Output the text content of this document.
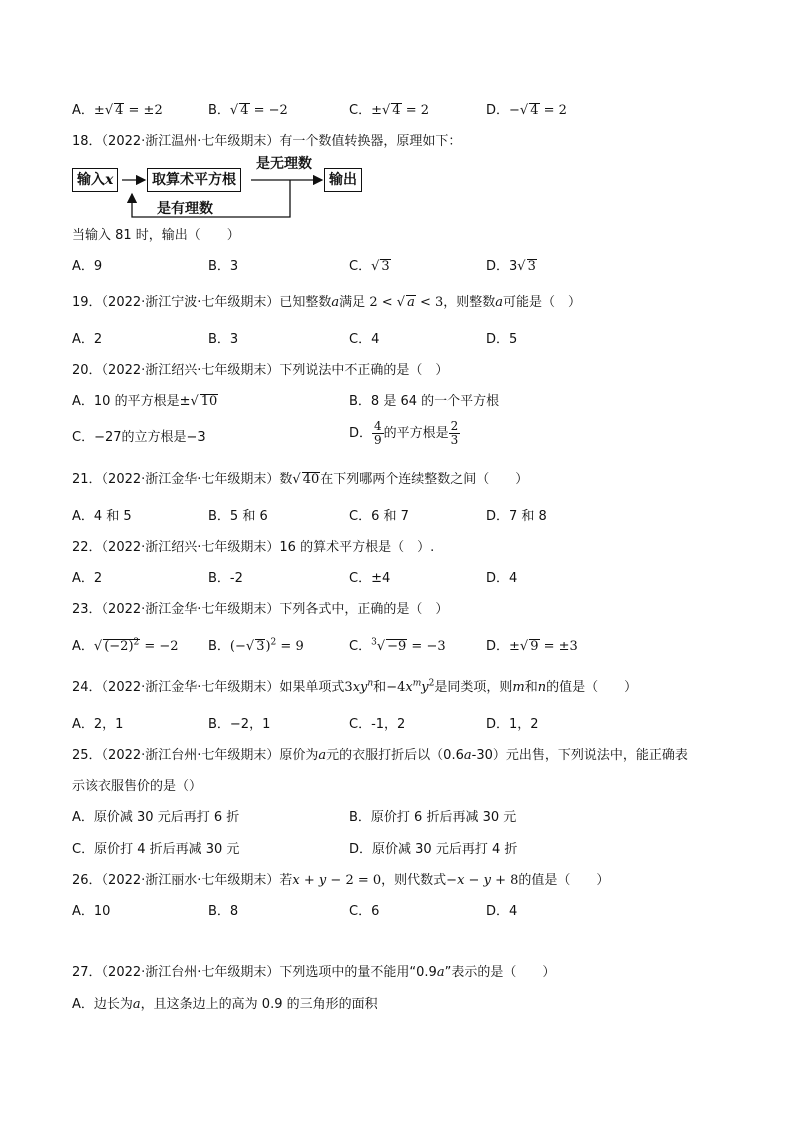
A．±√ 4 = ±2	B．√ 4 = −2	C．±√ 4 = 2	D．−√ 4 = 2
18．（2022·浙江温州·七年级期末）有一个数值转换器，原理如下：
输入x	取算术平方根	输出
是无理数
是有理数
当输入 81 时，输出（　　）
A．9	B．3	C．√ 3	D．3√ 3
19．（2022·浙江宁波·七年级期末）已知整数a满足 2 < √ a < 3，则整数a可能是（　）
A．2	B．3	C．4	D．5
20．（2022·浙江绍兴·七年级期末）下列说法中不正确的是（　）
A．10 的平方根是±√ 10	B．8 是 64 的一个平方根
C．−27的立方根是−3	D． $\frac{4}{9}$ 的平方根是 $\frac{2}{3}$
21．（2022·浙江金华·七年级期末）数√ 40在下列哪两个连续整数之间（　　）
A．4 和 5	B．5 和 6	C．6 和 7	D．7 和 8
22．（2022·浙江绍兴·七年级期末）16 的算术平方根是（　）.
A．2	B．-2	C．±4	D．4
23．（2022·浙江金华·七年级期末）下列各式中，正确的是（　）
A．√ $(-2)^2 = -2$ B．(−√ 3)$^2$ = 9	C．$^3$√ −9 = −3	D．±√ 9 = ±3
24．（2022·浙江金华·七年级期末）如果单项式$3xy^n$和$-4x^my^2$是同类项，则m和n的值是（　　）
A．2，1	B．−2，1	C．-1，2	D．1，2
25．（2022·浙江台州·七年级期末）原价为a元的衣服打折后以（0.6a-30）元出售，下列说法中，能正确表
示该衣服售价的是（）
A．原价减 30 元后再打 6 折	B．原价打 6 折后再减 30 元
C．原价打 4 折后再减 30 元	D．原价减 30 元后再打 4 折
26．（2022·浙江丽水·七年级期末）若x + y − 2 = 0，则代数式−x − y + 8的值是（　　）
A．10	B．8	C．6	D．4
27．（2022·浙江台州·七年级期末）下列选项中的量不能用“0.9a”表示的是（　　）
A．边长为a，且这条边上的高为 0.9 的三角形的面积
